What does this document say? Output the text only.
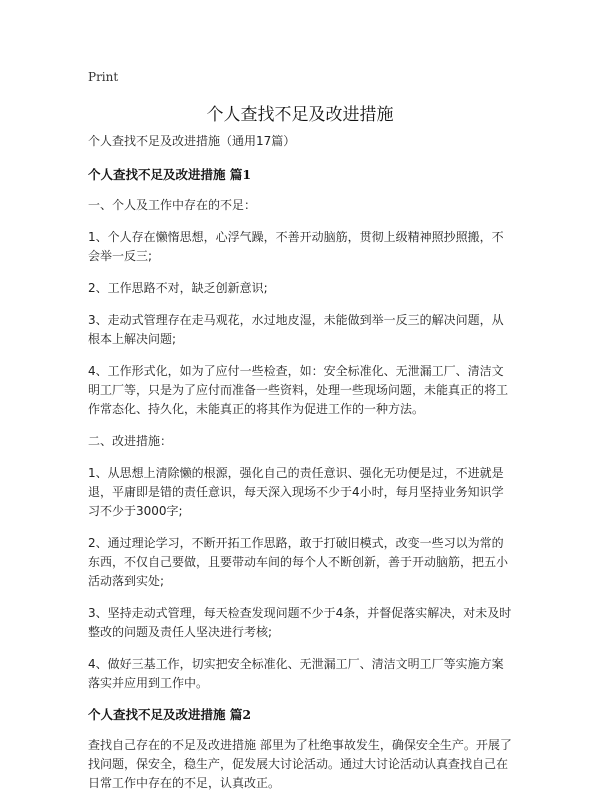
Print
个人查找不足及改进措施

个人查找不足及改进措施（通用17篇）

个人查找不足及改进措施 篇1

一、个人及工作中存在的不足：

1、个人存在懒惰思想，心浮气躁，不善开动脑筋，贯彻上级精神照抄照搬，不会举一反三;

2、工作思路不对，缺乏创新意识;

3、走动式管理存在走马观花，水过地皮湿，未能做到举一反三的解决问题，从根本上解决问题;

4、工作形式化，如为了应付一些检查，如：安全标准化、无泄漏工厂、清洁文明工厂等，只是为了应付而准备一些资料，处理一些现场问题，未能真正的将工作常态化、持久化，未能真正的将其作为促进工作的一种方法。

二、改进措施：

1、从思想上清除懒的根源，强化自己的责任意识、强化无功便是过，不进就是退，平庸即是错的责任意识，每天深入现场不少于4小时，每月坚持业务知识学习不少于3000字;

2、通过理论学习，不断开拓工作思路，敢于打破旧模式，改变一些习以为常的东西，不仅自己要做，且要带动车间的每个人不断创新，善于开动脑筋，把五小活动落到实处;

3、坚持走动式管理，每天检查发现问题不少于4条，并督促落实解决，对未及时整改的问题及责任人坚决进行考核;

4、做好三基工作，切实把安全标准化、无泄漏工厂、清洁文明工厂等实施方案落实并应用到工作中。

个人查找不足及改进措施 篇2

查找自己存在的不足及改进措施 部里为了杜绝事故发生，确保安全生产。开展了找问题，保安全，稳生产，促发展大讨论活动。通过大讨论活动认真查找自己在日常工作中存在的不足，认真改正。
